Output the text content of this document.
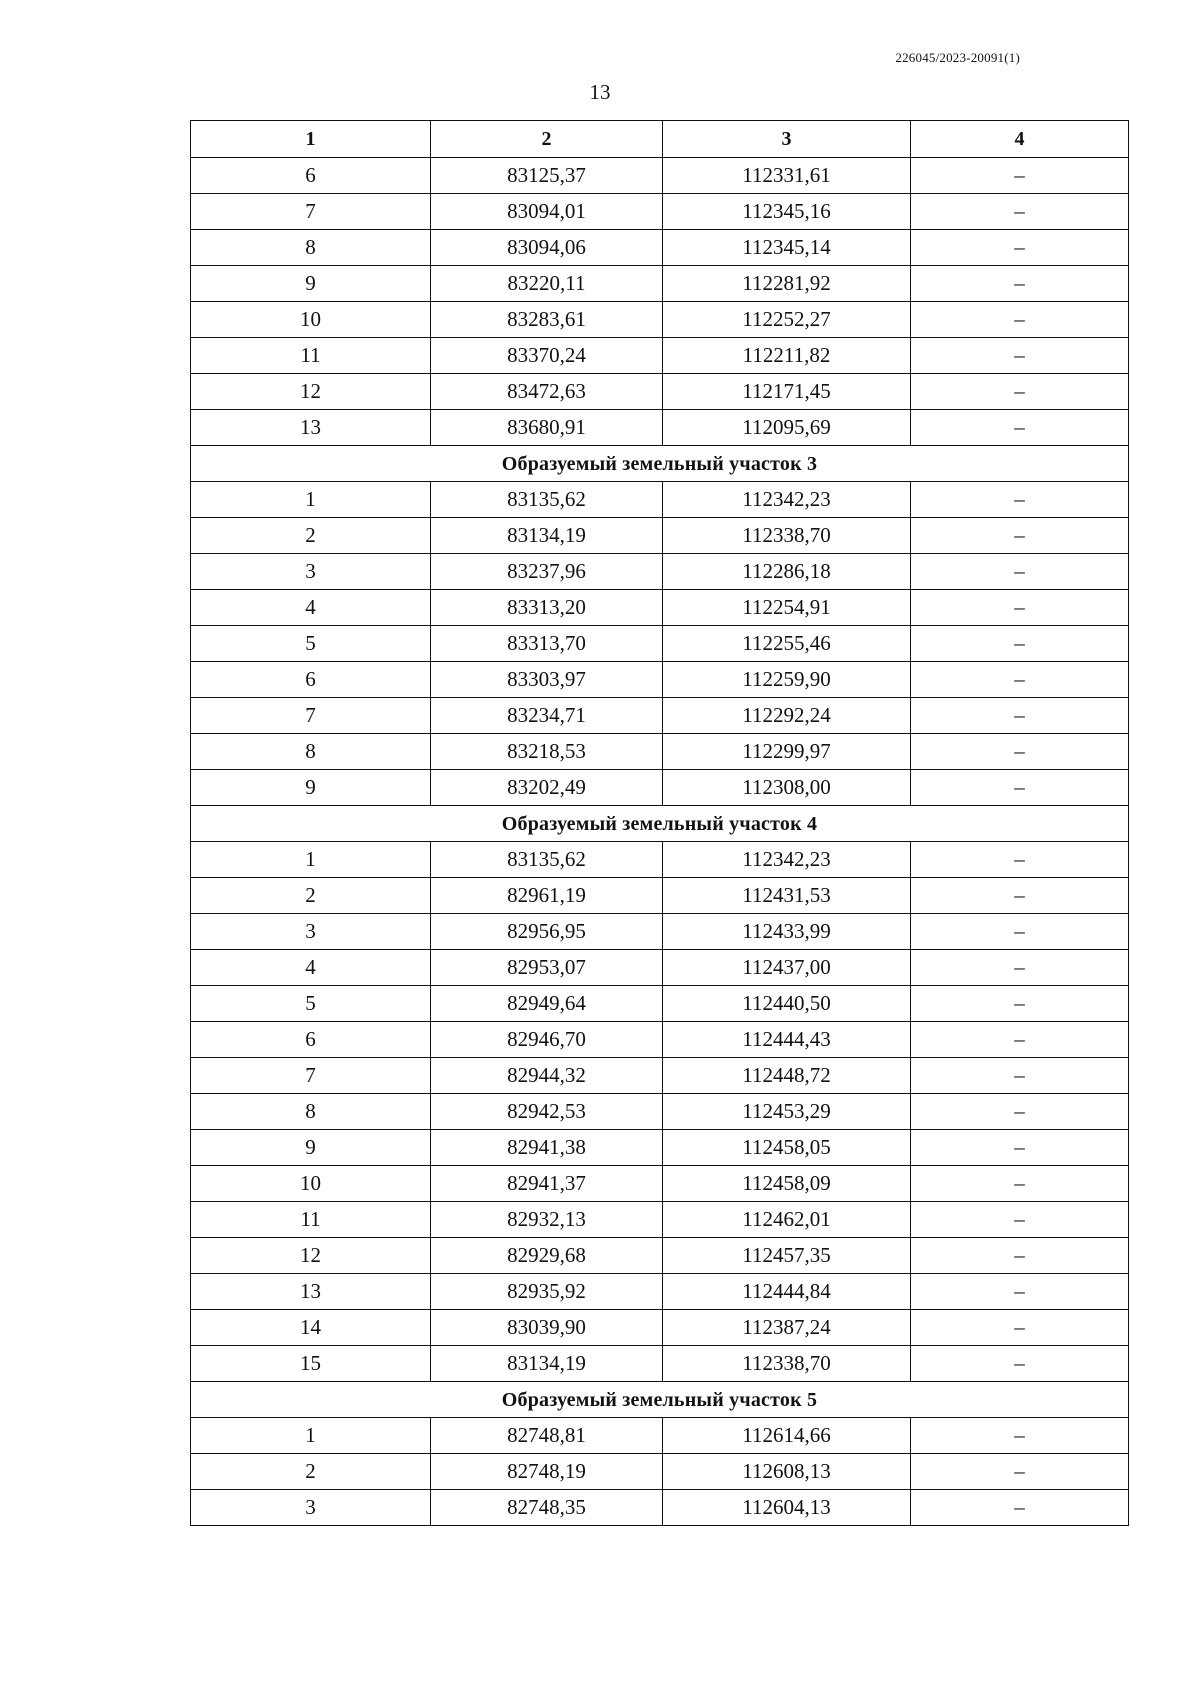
226045/2023-20091(1)
13
1	2	3	4
6	83125,37	112331,61	–
7	83094,01	112345,16	–
8	83094,06	112345,14	–
9	83220,11	112281,92	–
10	83283,61	112252,27	–
11	83370,24	112211,82	–
12	83472,63	112171,45	–
13	83680,91	112095,69	–
Образуемый земельный участок 3			
1	83135,62	112342,23	–
2	83134,19	112338,70	–
3	83237,96	112286,18	–
4	83313,20	112254,91	–
5	83313,70	112255,46	–
6	83303,97	112259,90	–
7	83234,71	112292,24	–
8	83218,53	112299,97	–
9	83202,49	112308,00	–
Образуемый земельный участок 4			
1	83135,62	112342,23	–
2	82961,19	112431,53	–
3	82956,95	112433,99	–
4	82953,07	112437,00	–
5	82949,64	112440,50	–
6	82946,70	112444,43	–
7	82944,32	112448,72	–
8	82942,53	112453,29	–
9	82941,38	112458,05	–
10	82941,37	112458,09	–
11	82932,13	112462,01	–
12	82929,68	112457,35	–
13	82935,92	112444,84	–
14	83039,90	112387,24	–
15	83134,19	112338,70	–
Образуемый земельный участок 5			
1	82748,81	112614,66	–
2	82748,19	112608,13	–
3	82748,35	112604,13	–
